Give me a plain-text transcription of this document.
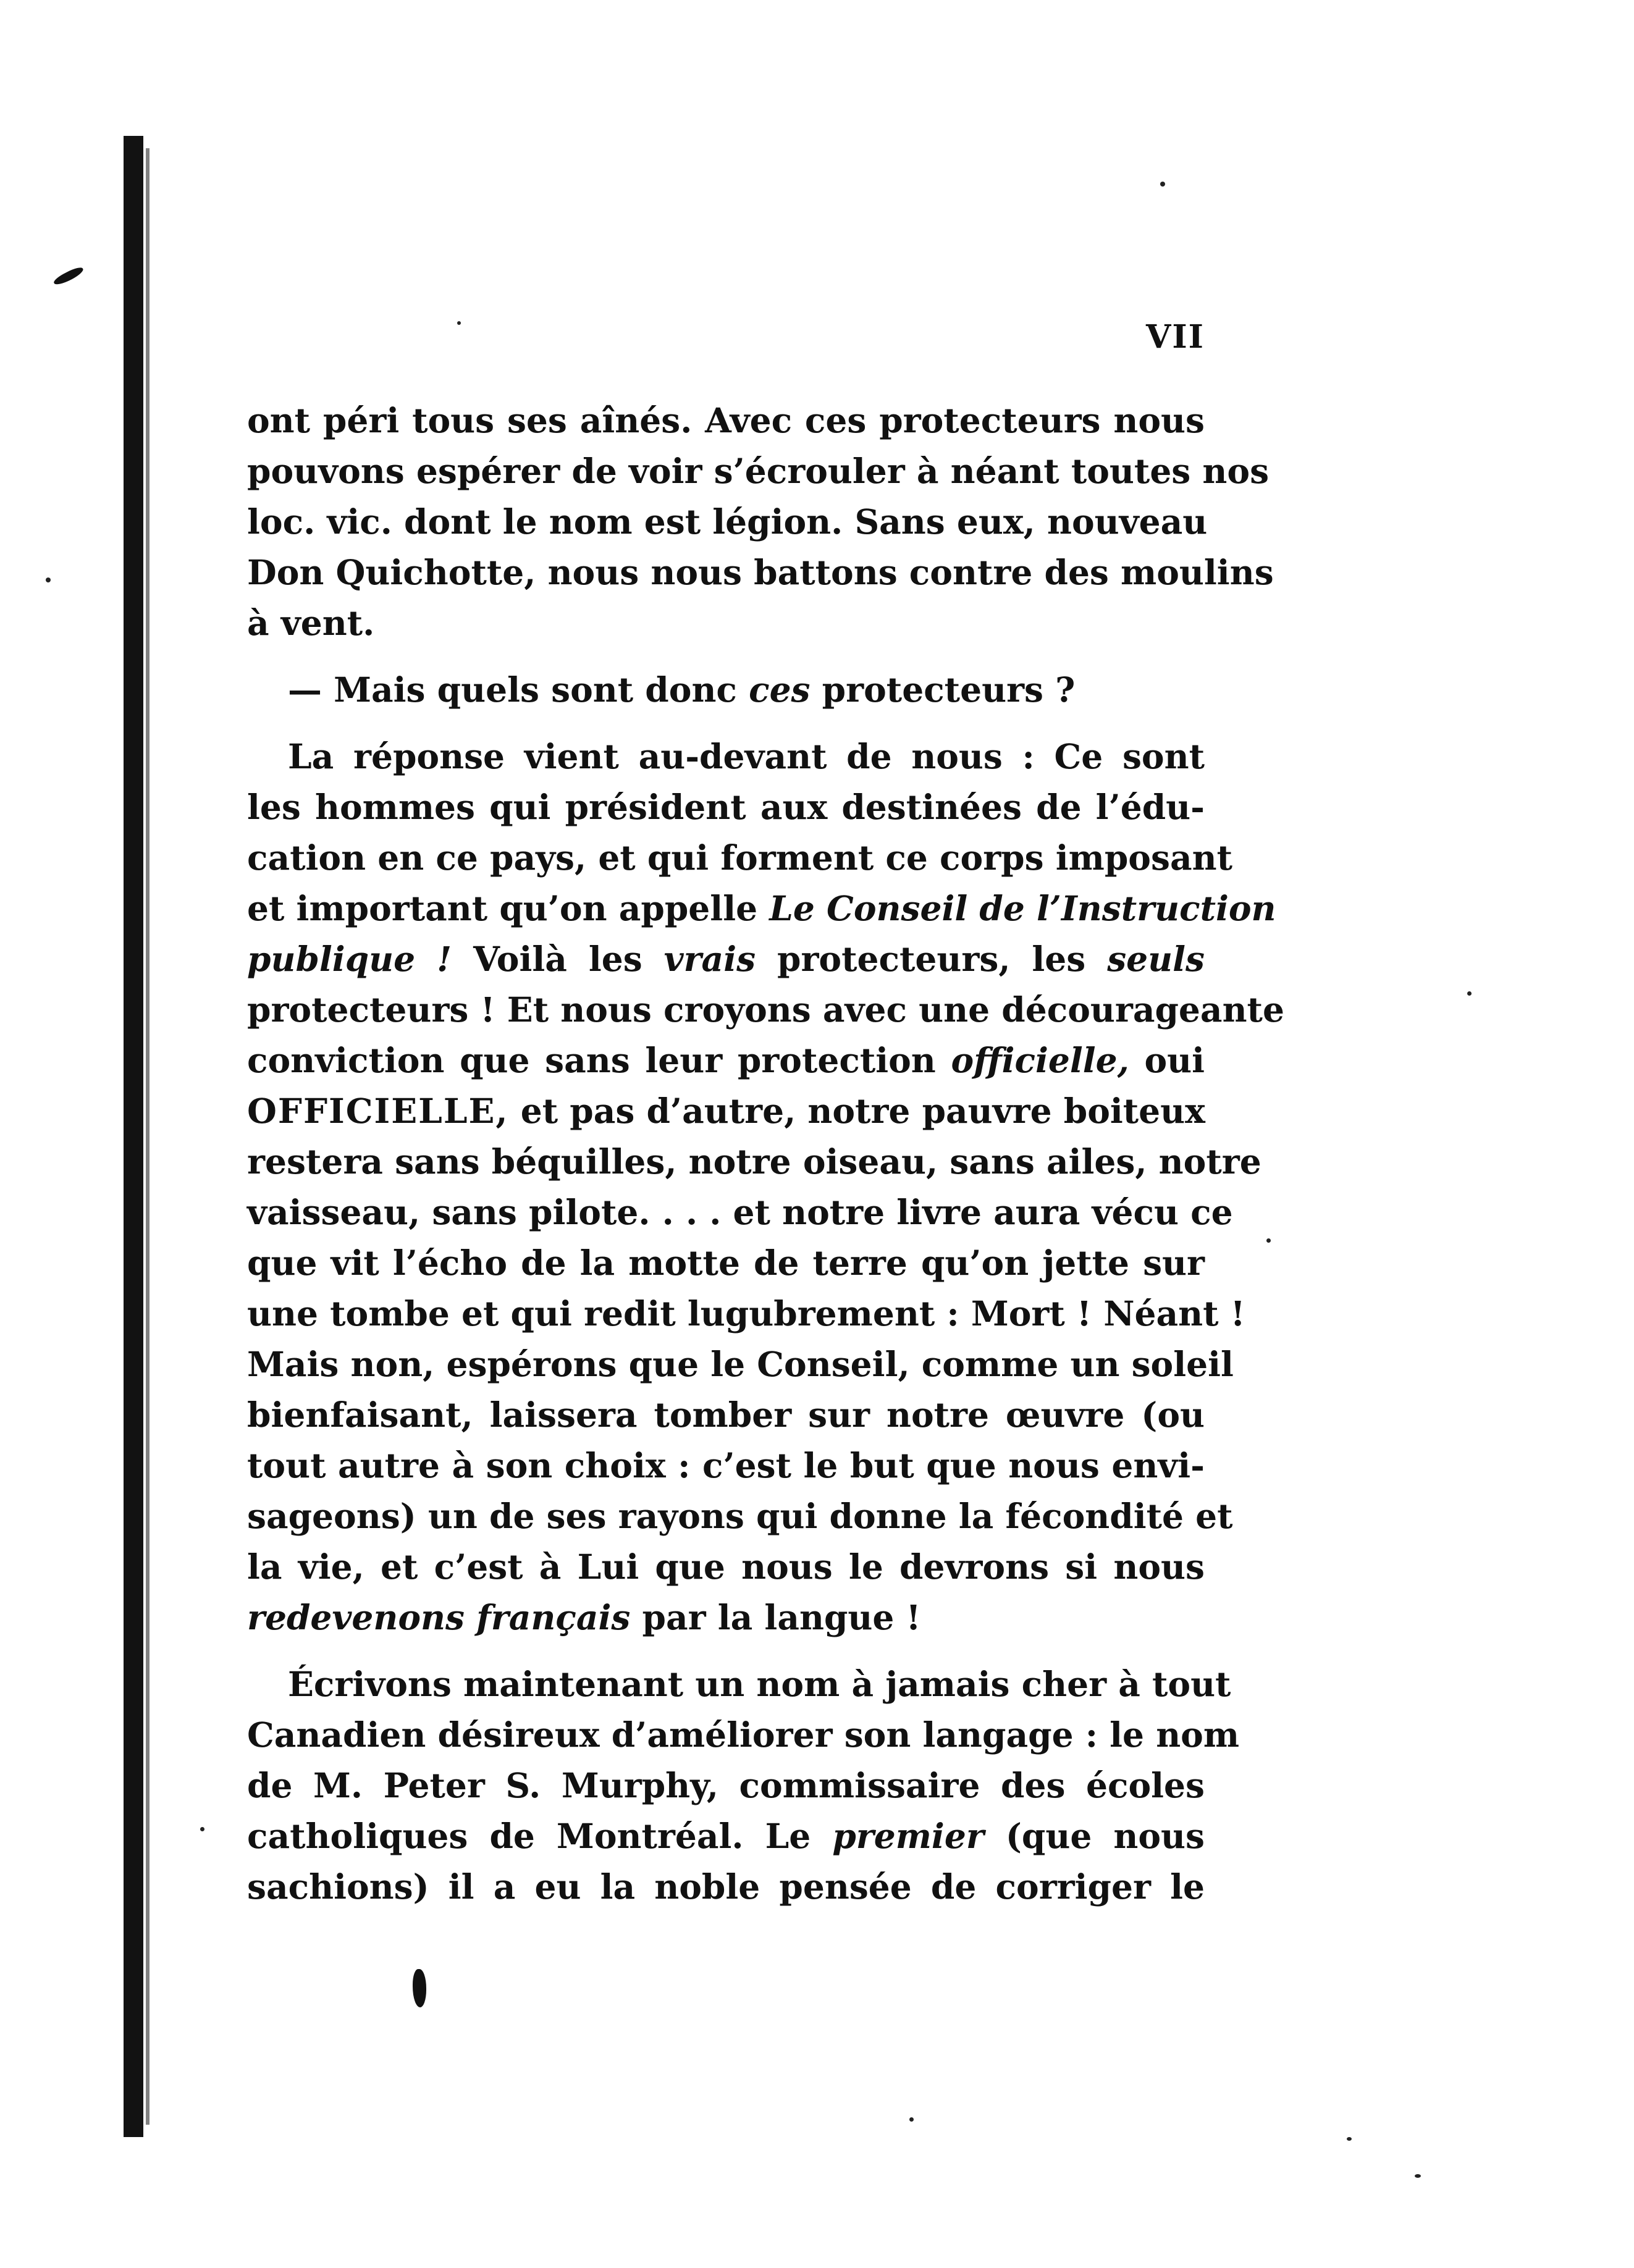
VII
ont péri tous ses aînés. Avec ces protecteurs nous
pouvons espérer de voir s’écrouler à néant toutes nos
loc. vic. dont le nom est légion. Sans eux, nouveau
Don Quichotte, nous nous battons contre des moulins
à vent.
— Mais quels sont donc ces protecteurs ?
La réponse vient au-devant de nous : Ce sont
les hommes qui président aux destinées de l’édu-
cation en ce pays, et qui forment ce corps imposant
et important qu’on appelle Le Conseil de l’Instruction
publique ! Voilà les vrais protecteurs, les seuls
protecteurs ! Et nous croyons avec une décourageante
conviction que sans leur protection officielle, oui
OFFICIELLE, et pas d’autre, notre pauvre boiteux
restera sans béquilles, notre oiseau, sans ailes, notre
vaisseau, sans pilote. . . . et notre livre aura vécu ce
que vit l’écho de la motte de terre qu’on jette sur
une tombe et qui redit lugubrement : Mort ! Néant !
Mais non, espérons que le Conseil, comme un soleil
bienfaisant, laissera tomber sur notre œuvre (ou
tout autre à son choix : c’est le but que nous envi-
sageons) un de ses rayons qui donne la fécondité et
la vie, et c’est à Lui que nous le devrons si nous
redevenons français par la langue !
Écrivons maintenant un nom à jamais cher à tout
Canadien désireux d’améliorer son langage : le nom
de M. Peter S. Murphy, commissaire des écoles
catholiques de Montréal. Le premier (que nous
sachions) il a eu la noble pensée de corriger le
